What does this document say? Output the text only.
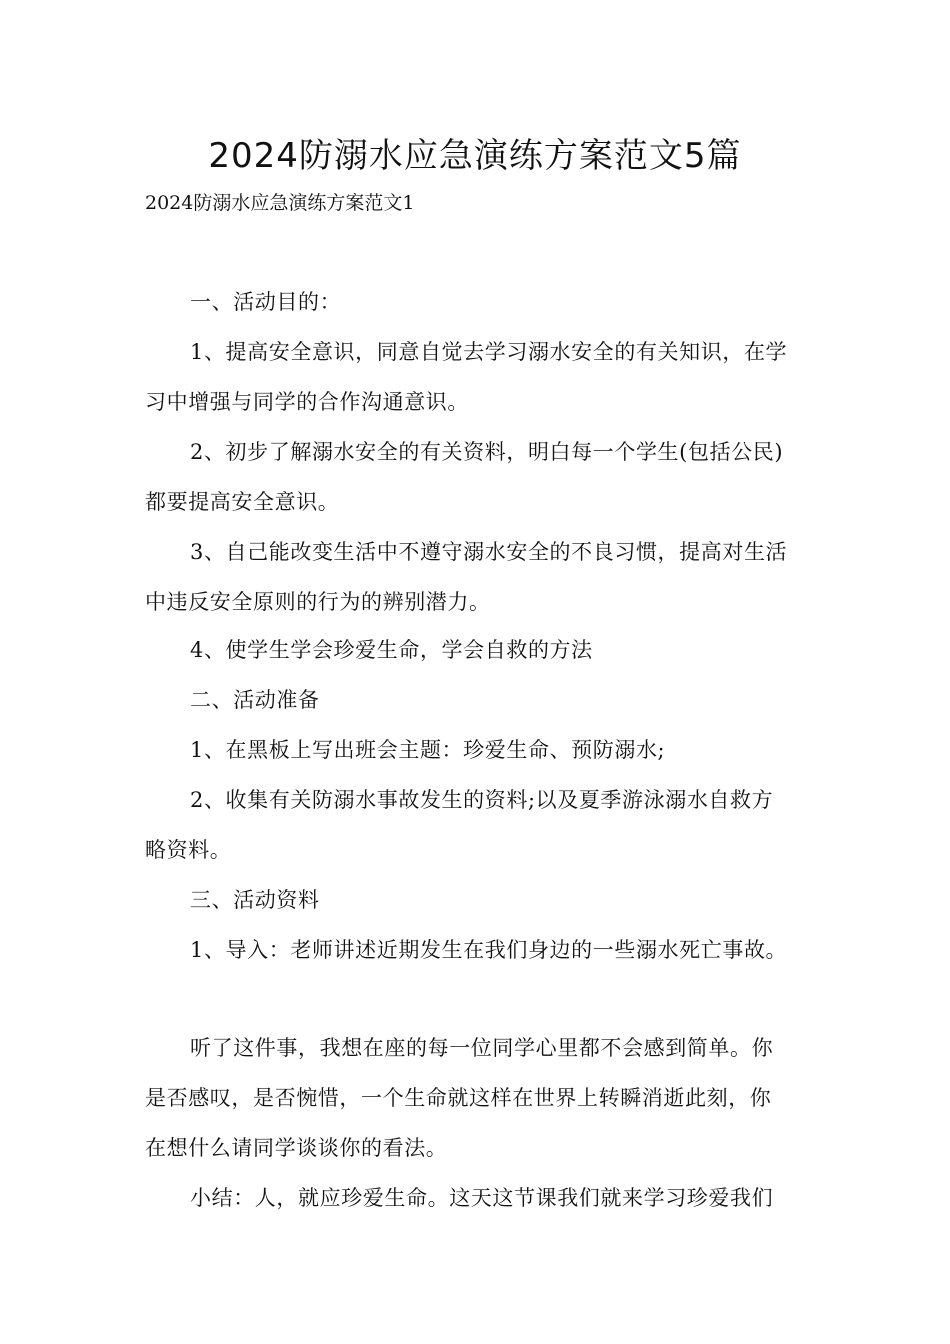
2024防溺水应急演练方案范文5篇
2024防溺水应急演练方案范文1
一、活动目的：
1、提高安全意识，同意自觉去学习溺水安全的有关知识，在学
习中增强与同学的合作沟通意识。
2、初步了解溺水安全的有关资料，明白每一个学生(包括公民)
都要提高安全意识。
3、自己能改变生活中不遵守溺水安全的不良习惯，提高对生活
中违反安全原则的行为的辨别潜力。
4、使学生学会珍爱生命，学会自救的方法
二、活动准备
1、在黑板上写出班会主题：珍爱生命、预防溺水;
2、收集有关防溺水事故发生的资料;以及夏季游泳溺水自救方
略资料。
三、活动资料
1、导入：老师讲述近期发生在我们身边的一些溺水死亡事故。
听了这件事，我想在座的每一位同学心里都不会感到简单。你
是否感叹，是否惋惜，一个生命就这样在世界上转瞬消逝此刻，你
在想什么请同学谈谈你的看法。
小结：人，就应珍爱生命。这天这节课我们就来学习珍爱我们
